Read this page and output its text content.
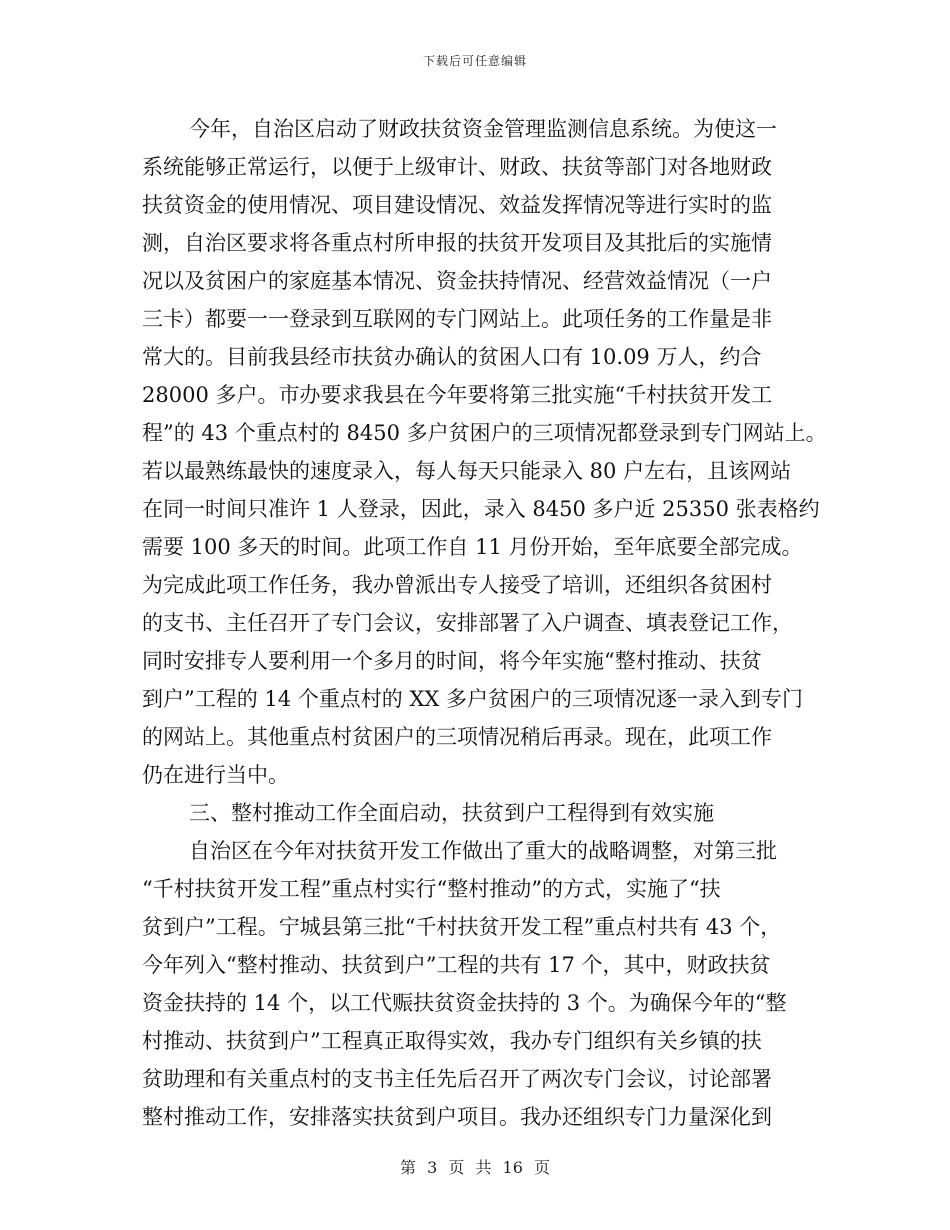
下载后可任意编辑
今年，自治区启动了财政扶贫资金管理监测信息系统。为使这一
系统能够正常运行，以便于上级审计、财政、扶贫等部门对各地财政
扶贫资金的使用情况、项目建设情况、效益发挥情况等进行实时的监
测，自治区要求将各重点村所申报的扶贫开发项目及其批后的实施情
况以及贫困户的家庭基本情况、资金扶持情况、经营效益情况（一户
三卡）都要一一登录到互联网的专门网站上。此项任务的工作量是非
常大的。目前我县经市扶贫办确认的贫困人口有 10.09 万人，约合
28000 多户。市办要求我县在今年要将第三批实施“千村扶贫开发工
程”的 43 个重点村的 8450 多户贫困户的三项情况都登录到专门网站上。
若以最熟练最快的速度录入，每人每天只能录入 80 户左右，且该网站
在同一时间只准许 1 人登录，因此，录入 8450 多户近 25350 张表格约
需要 100 多天的时间。此项工作自 11 月份开始，至年底要全部完成。
为完成此项工作任务，我办曾派出专人接受了培训，还组织各贫困村
的支书、主任召开了专门会议，安排部署了入户调查、填表登记工作，
同时安排专人要利用一个多月的时间，将今年实施“整村推动、扶贫
到户”工程的 14 个重点村的 XX 多户贫困户的三项情况逐一录入到专门
的网站上。其他重点村贫困户的三项情况稍后再录。现在，此项工作
仍在进行当中。
三、整村推动工作全面启动，扶贫到户工程得到有效实施
自治区在今年对扶贫开发工作做出了重大的战略调整，对第三批
“千村扶贫开发工程”重点村实行“整村推动”的方式，实施了“扶
贫到户”工程。宁城县第三批“千村扶贫开发工程”重点村共有 43 个，
今年列入“整村推动、扶贫到户”工程的共有 17 个，其中，财政扶贫
资金扶持的 14 个，以工代赈扶贫资金扶持的 3 个。为确保今年的“整
村推动、扶贫到户”工程真正取得实效，我办专门组织有关乡镇的扶
贫助理和有关重点村的支书主任先后召开了两次专门会议，讨论部署
整村推动工作，安排落实扶贫到户项目。我办还组织专门力量深化到
第 3 页 共 16 页
